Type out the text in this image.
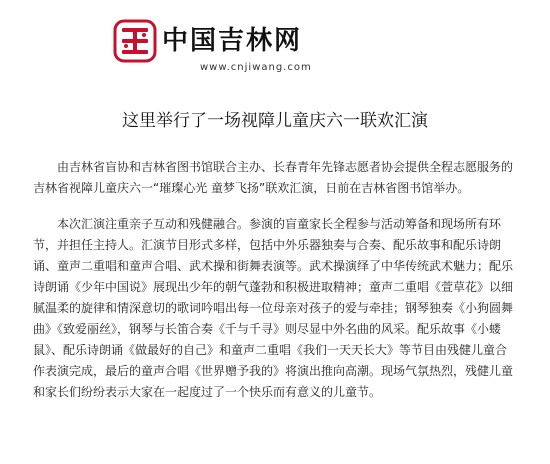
中国吉林网
www.cnjiwang.com
这里举行了一场视障儿童庆六一联欢汇演

由吉林省盲协和吉林省图书馆联合主办、长春青年先锋志愿者协会提供全程志愿服务的吉林省视障儿童庆六一“璀璨心光 童梦飞扬”联欢汇演，日前在吉林省图书馆举办。

本次汇演注重亲子互动和残健融合。参演的盲童家长全程参与活动筹备和现场所有环节，并担任主持人。汇演节目形式多样，包括中外乐器独奏与合奏、配乐故事和配乐诗朗诵、童声二重唱和童声合唱、武术操和街舞表演等。武术操演绎了中华传统武术魅力；配乐诗朗诵《少年中国说》展现出少年的朝气蓬勃和积极进取精神；童声二重唱《萱草花》以细腻温柔的旋律和情深意切的歌词吟唱出每一位母亲对孩子的爱与牵挂；钢琴独奏《小狗圆舞曲》《致爱丽丝》，钢琴与长笛合奏《千与千寻》则尽显中外名曲的风采。配乐故事《小蝼鼠》、配乐诗朗诵《做最好的自己》和童声二重唱《我们一天天长大》等节目由残健儿童合作表演完成，最后的童声合唱《世界赠予我的》将演出推向高潮。现场气氛热烈，残健儿童和家长们纷纷表示大家在一起度过了一个快乐而有意义的儿童节。
